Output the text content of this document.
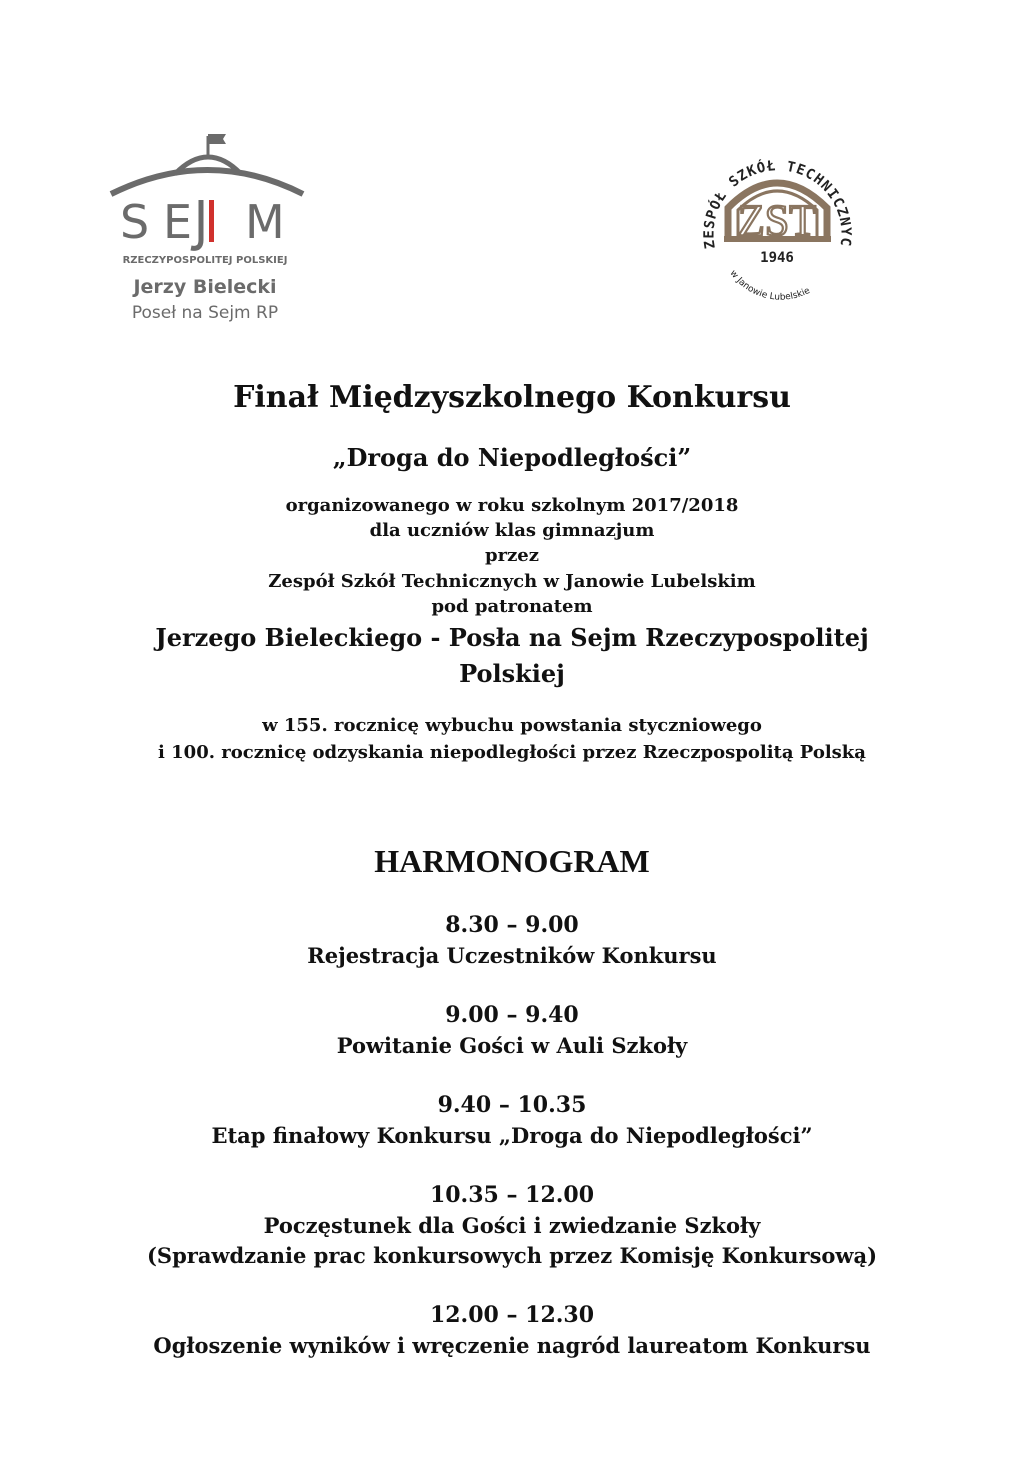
S E M
RZECZYPOSPOLITEJ POLSKIEJ
Jerzy Bielecki
Poseł na Sejm RP
ZESPÓŁ SZKÓŁ TECHNICZNYC
ZST
1946
w Janowie Lubelskie

Finał Międzyszkolnego Konkursu

„Droga do Niepodległości”

organizowanego w roku szkolnym 2017/2018

dla uczniów klas gimnazjum

przez

Zespół Szkół Technicznych w Janowie Lubelskim

pod patronatem

Jerzego Bieleckiego - Posła na Sejm Rzeczypospolitej

Polskiej

w 155. rocznicę wybuchu powstania styczniowego

i 100. rocznicę odzyskania niepodległości przez Rzeczpospolitą Polską

HARMONOGRAM

8.30 – 9.00

Rejestracja Uczestników Konkursu

9.00 – 9.40

Powitanie Gości w Auli Szkoły

9.40 – 10.35

Etap finałowy Konkursu „Droga do Niepodległości”

10.35 – 12.00

Poczęstunek dla Gości i zwiedzanie Szkoły

(Sprawdzanie prac konkursowych przez Komisję Konkursową)

12.00 – 12.30

Ogłoszenie wyników i wręczenie nagród laureatom Konkursu
